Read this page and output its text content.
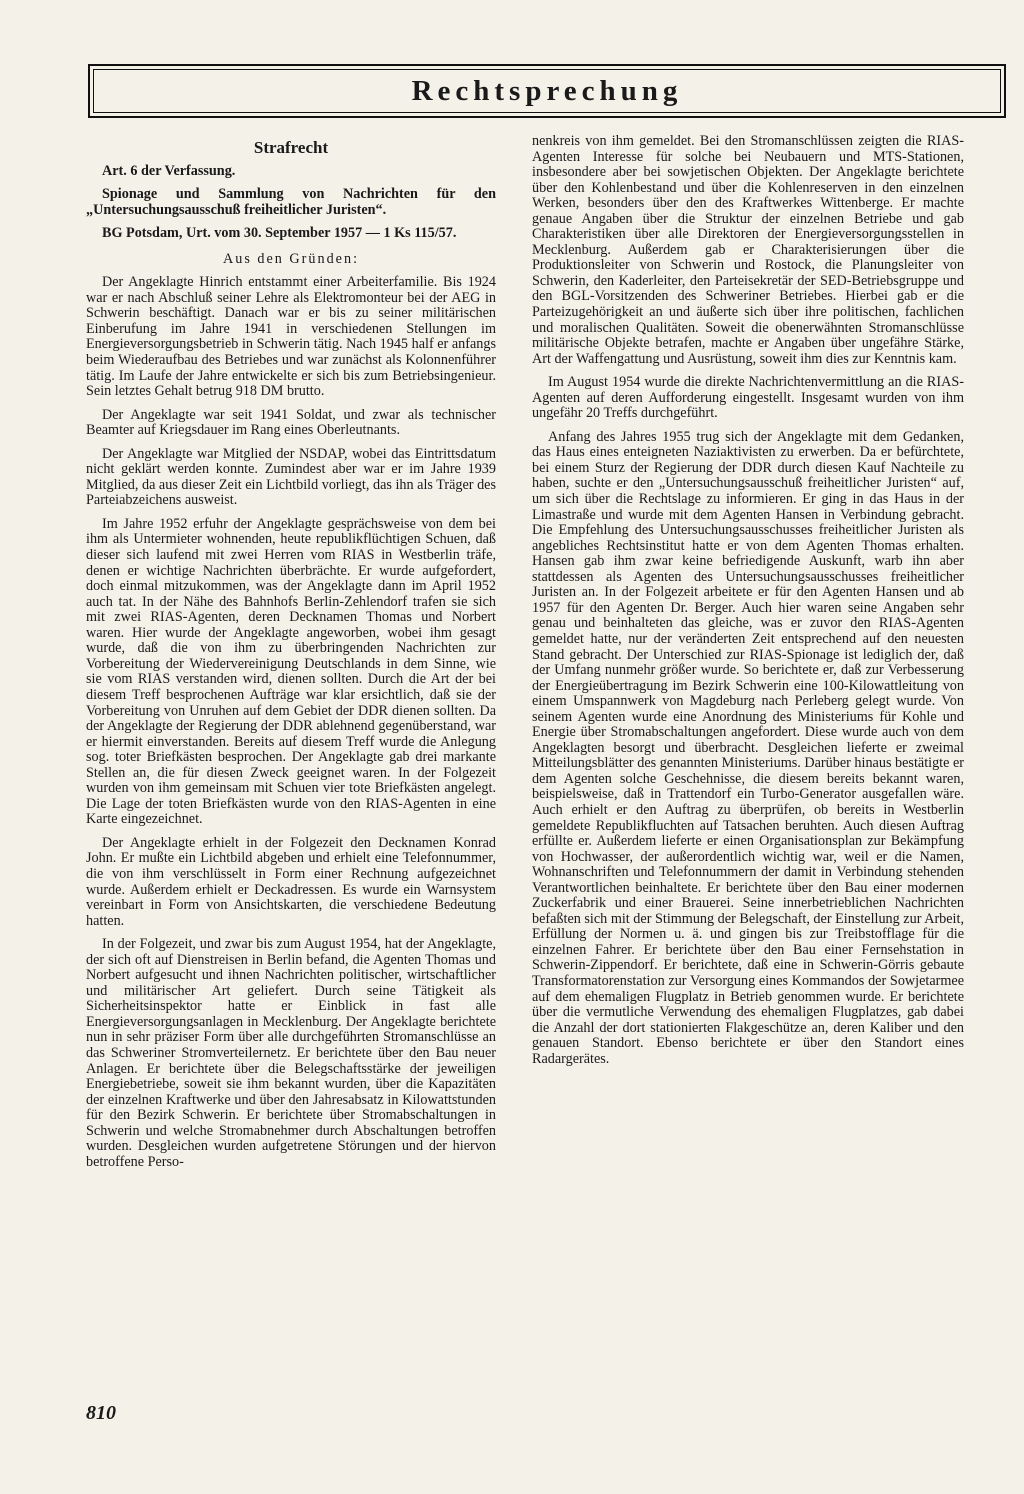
Rechtsprechung
Strafrecht

Art. 6 der Verfassung.

Spionage und Sammlung von Nachrichten für den „Untersuchungsausschuß freiheitlicher Juristen“.

BG Potsdam, Urt. vom 30. September 1957 — 1 Ks 115/57.

Aus den Gründen:

Der Angeklagte Hinrich entstammt einer Arbeiterfamilie. Bis 1924 war er nach Abschluß seiner Lehre als Elektromonteur bei der AEG in Schwerin beschäftigt. Danach war er bis zu seiner militärischen Einberufung im Jahre 1941 in verschiedenen Stellungen im Energieversorgungsbetrieb in Schwerin tätig. Nach 1945 half er anfangs beim Wiederaufbau des Betriebes und war zunächst als Kolonnenführer tätig. Im Laufe der Jahre entwickelte er sich bis zum Betriebsingenieur. Sein letztes Gehalt betrug 918 DM brutto.

Der Angeklagte war seit 1941 Soldat, und zwar als technischer Beamter auf Kriegsdauer im Rang eines Oberleutnants.

Der Angeklagte war Mitglied der NSDAP, wobei das Eintrittsdatum nicht geklärt werden konnte. Zumindest aber war er im Jahre 1939 Mitglied, da aus dieser Zeit ein Lichtbild vorliegt, das ihn als Träger des Parteiabzeichens ausweist.

Im Jahre 1952 erfuhr der Angeklagte gesprächsweise von dem bei ihm als Untermieter wohnenden, heute republikflüchtigen Schuen, daß dieser sich laufend mit zwei Herren vom RIAS in Westberlin träfe, denen er wichtige Nachrichten überbrächte. Er wurde aufgefordert, doch einmal mitzukommen, was der Angeklagte dann im April 1952 auch tat. In der Nähe des Bahnhofs Berlin-Zehlendorf trafen sie sich mit zwei RIAS-Agenten, deren Decknamen Thomas und Norbert waren. Hier wurde der Angeklagte angeworben, wobei ihm gesagt wurde, daß die von ihm zu überbringenden Nachrichten zur Vorbereitung der Wiedervereinigung Deutschlands in dem Sinne, wie sie vom RIAS verstanden wird, dienen sollten. Durch die Art der bei diesem Treff besprochenen Aufträge war klar ersichtlich, daß sie der Vorbereitung von Unruhen auf dem Gebiet der DDR dienen sollten. Da der Angeklagte der Regierung der DDR ablehnend gegenüberstand, war er hiermit einverstanden. Bereits auf diesem Treff wurde die Anlegung sog. toter Briefkästen besprochen. Der Angeklagte gab drei markante Stellen an, die für diesen Zweck geeignet waren. In der Folgezeit wurden von ihm gemeinsam mit Schuen vier tote Briefkästen angelegt. Die Lage der toten Briefkästen wurde von den RIAS-Agenten in eine Karte eingezeichnet.

Der Angeklagte erhielt in der Folgezeit den Decknamen Konrad John. Er mußte ein Lichtbild abgeben und erhielt eine Telefonnummer, die von ihm verschlüsselt in Form einer Rechnung aufgezeichnet wurde. Außerdem erhielt er Deckadressen. Es wurde ein Warnsystem vereinbart in Form von Ansichtskarten, die verschiedene Bedeutung hatten.

In der Folgezeit, und zwar bis zum August 1954, hat der Angeklagte, der sich oft auf Dienstreisen in Berlin befand, die Agenten Thomas und Norbert aufgesucht und ihnen Nachrichten politischer, wirtschaftlicher und militärischer Art geliefert. Durch seine Tätigkeit als Sicherheitsinspektor hatte er Einblick in fast alle Energieversorgungsanlagen in Mecklenburg. Der Angeklagte berichtete nun in sehr präziser Form über alle durchgeführten Stromanschlüsse an das Schweriner Stromverteilernetz. Er berichtete über den Bau neuer Anlagen. Er berichtete über die Belegschaftsstärke der jeweiligen Energiebetriebe, soweit sie ihm bekannt wurden, über die Kapazitäten der einzelnen Kraftwerke und über den Jahresabsatz in Kilowattstunden für den Bezirk Schwerin. Er berichtete über Stromabschaltungen in Schwerin und welche Stromabnehmer durch Abschaltungen betroffen wurden. Desgleichen wurden aufgetretene Störungen und der hiervon betroffene Perso-

nenkreis von ihm gemeldet. Bei den Stromanschlüssen zeigten die RIAS-Agenten Interesse für solche bei Neubauern und MTS-Stationen, insbesondere aber bei sowjetischen Objekten. Der Angeklagte berichtete über den Kohlenbestand und über die Kohlenreserven in den einzelnen Werken, besonders über den des Kraftwerkes Wittenberge. Er machte genaue Angaben über die Struktur der einzelnen Betriebe und gab Charakteristiken über alle Direktoren der Energieversorgungsstellen in Mecklenburg. Außerdem gab er Charakterisierungen über die Produktionsleiter von Schwerin und Rostock, die Planungsleiter von Schwerin, den Kaderleiter, den Parteisekretär der SED-Betriebsgruppe und den BGL-Vorsitzenden des Schweriner Betriebes. Hierbei gab er die Parteizugehörigkeit an und äußerte sich über ihre politischen, fachlichen und moralischen Qualitäten. Soweit die obenerwähnten Stromanschlüsse militärische Objekte betrafen, machte er Angaben über ungefähre Stärke, Art der Waffengattung und Ausrüstung, soweit ihm dies zur Kenntnis kam.

Im August 1954 wurde die direkte Nachrichtenvermittlung an die RIAS-Agenten auf deren Aufforderung eingestellt. Insgesamt wurden von ihm ungefähr 20 Treffs durchgeführt.

Anfang des Jahres 1955 trug sich der Angeklagte mit dem Gedanken, das Haus eines enteigneten Naziaktivisten zu erwerben. Da er befürchtete, bei einem Sturz der Regierung der DDR durch diesen Kauf Nachteile zu haben, suchte er den „Untersuchungsausschuß freiheitlicher Juristen“ auf, um sich über die Rechtslage zu informieren. Er ging in das Haus in der Limastraße und wurde mit dem Agenten Hansen in Verbindung gebracht. Die Empfehlung des Untersuchungsausschusses freiheitlicher Juristen als angebliches Rechtsinstitut hatte er von dem Agenten Thomas erhalten. Hansen gab ihm zwar keine befriedigende Auskunft, warb ihn aber stattdessen als Agenten des Untersuchungsausschusses freiheitlicher Juristen an. In der Folgezeit arbeitete er für den Agenten Hansen und ab 1957 für den Agenten Dr. Berger. Auch hier waren seine Angaben sehr genau und beinhalteten das gleiche, was er zuvor den RIAS-Agenten gemeldet hatte, nur der veränderten Zeit entsprechend auf den neuesten Stand gebracht. Der Unterschied zur RIAS-Spionage ist lediglich der, daß der Umfang nunmehr größer wurde. So berichtete er, daß zur Verbesserung der Energieübertragung im Bezirk Schwerin eine 100-Kilowattleitung von einem Umspannwerk von Magdeburg nach Perleberg gelegt wurde. Von seinem Agenten wurde eine Anordnung des Ministeriums für Kohle und Energie über Stromabschaltungen angefordert. Diese wurde auch von dem Angeklagten besorgt und überbracht. Desgleichen lieferte er zweimal Mitteilungsblätter des genannten Ministeriums. Darüber hinaus bestätigte er dem Agenten solche Geschehnisse, die diesem bereits bekannt waren, beispielsweise, daß in Trattendorf ein Turbo-Generator ausgefallen wäre. Auch erhielt er den Auftrag zu überprüfen, ob bereits in Westberlin gemeldete Republikfluchten auf Tatsachen beruhten. Auch diesen Auftrag erfüllte er. Außerdem lieferte er einen Organisationsplan zur Bekämpfung von Hochwasser, der außerordentlich wichtig war, weil er die Namen, Wohnanschriften und Telefonnummern der damit in Verbindung stehenden Verantwortlichen beinhaltete. Er berichtete über den Bau einer modernen Zuckerfabrik und einer Brauerei. Seine innerbetrieblichen Nachrichten befaßten sich mit der Stimmung der Belegschaft, der Einstellung zur Arbeit, Erfüllung der Normen u. ä. und gingen bis zur Treibstofflage für die einzelnen Fahrer. Er berichtete über den Bau einer Fernsehstation in Schwerin-Zippendorf. Er berichtete, daß eine in Schwerin-Görris gebaute Transformatorenstation zur Versorgung eines Kommandos der Sowjetarmee auf dem ehemaligen Flugplatz in Betrieb genommen wurde. Er berichtete über die vermutliche Verwendung des ehemaligen Flugplatzes, gab dabei die Anzahl der dort stationierten Flakgeschütze an, deren Kaliber und den genauen Standort. Ebenso berichtete er über den Standort eines Radargerätes.

810
